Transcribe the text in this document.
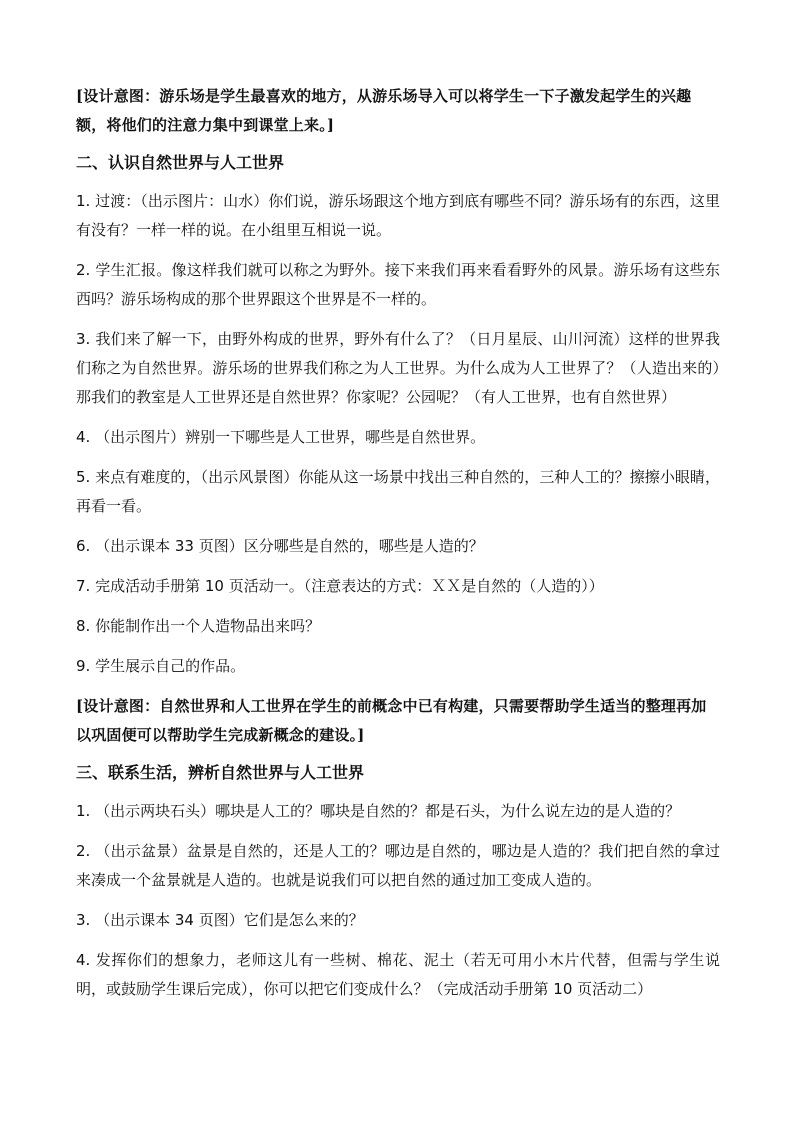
[设计意图：游乐场是学生最喜欢的地方，从游乐场导入可以将学生一下子激发起学生的兴趣额，将他们的注意力集中到课堂上来。]

二、认识自然世界与人工世界

1. 过渡：（出示图片：山水）你们说，游乐场跟这个地方到底有哪些不同？游乐场有的东西，这里有没有？一样一样的说。在小组里互相说一说。

2. 学生汇报。像这样我们就可以称之为野外。接下来我们再来看看野外的风景。游乐场有这些东西吗？游乐场构成的那个世界跟这个世界是不一样的。

3. 我们来了解一下，由野外构成的世界，野外有什么了？（日月星辰、山川河流）这样的世界我们称之为自然世界。游乐场的世界我们称之为人工世界。为什么成为人工世界了？（人造出来的）那我们的教室是人工世界还是自然世界？你家呢？公园呢？（有人工世界，也有自然世界）

4. （出示图片）辨别一下哪些是人工世界，哪些是自然世界。

5. 来点有难度的，（出示风景图）你能从这一场景中找出三种自然的，三种人工的？擦擦小眼睛，再看一看。

6. （出示课本 33 页图）区分哪些是自然的，哪些是人造的？

7. 完成活动手册第 10 页活动一。（注意表达的方式：ＸＸ是自然的（人造的））

8. 你能制作出一个人造物品出来吗？

9. 学生展示自己的作品。

[设计意图：自然世界和人工世界在学生的前概念中已有构建，只需要帮助学生适当的整理再加以巩固便可以帮助学生完成新概念的建设。]

三、联系生活，辨析自然世界与人工世界

1. （出示两块石头）哪块是人工的？哪块是自然的？都是石头，为什么说左边的是人造的？

2. （出示盆景）盆景是自然的，还是人工的？哪边是自然的，哪边是人造的？我们把自然的拿过来凑成一个盆景就是人造的。也就是说我们可以把自然的通过加工变成人造的。

3. （出示课本 34 页图）它们是怎么来的？

4. 发挥你们的想象力，老师这儿有一些树、棉花、泥土（若无可用小木片代替，但需与学生说明，或鼓励学生课后完成），你可以把它们变成什么？（完成活动手册第 10 页活动二）
